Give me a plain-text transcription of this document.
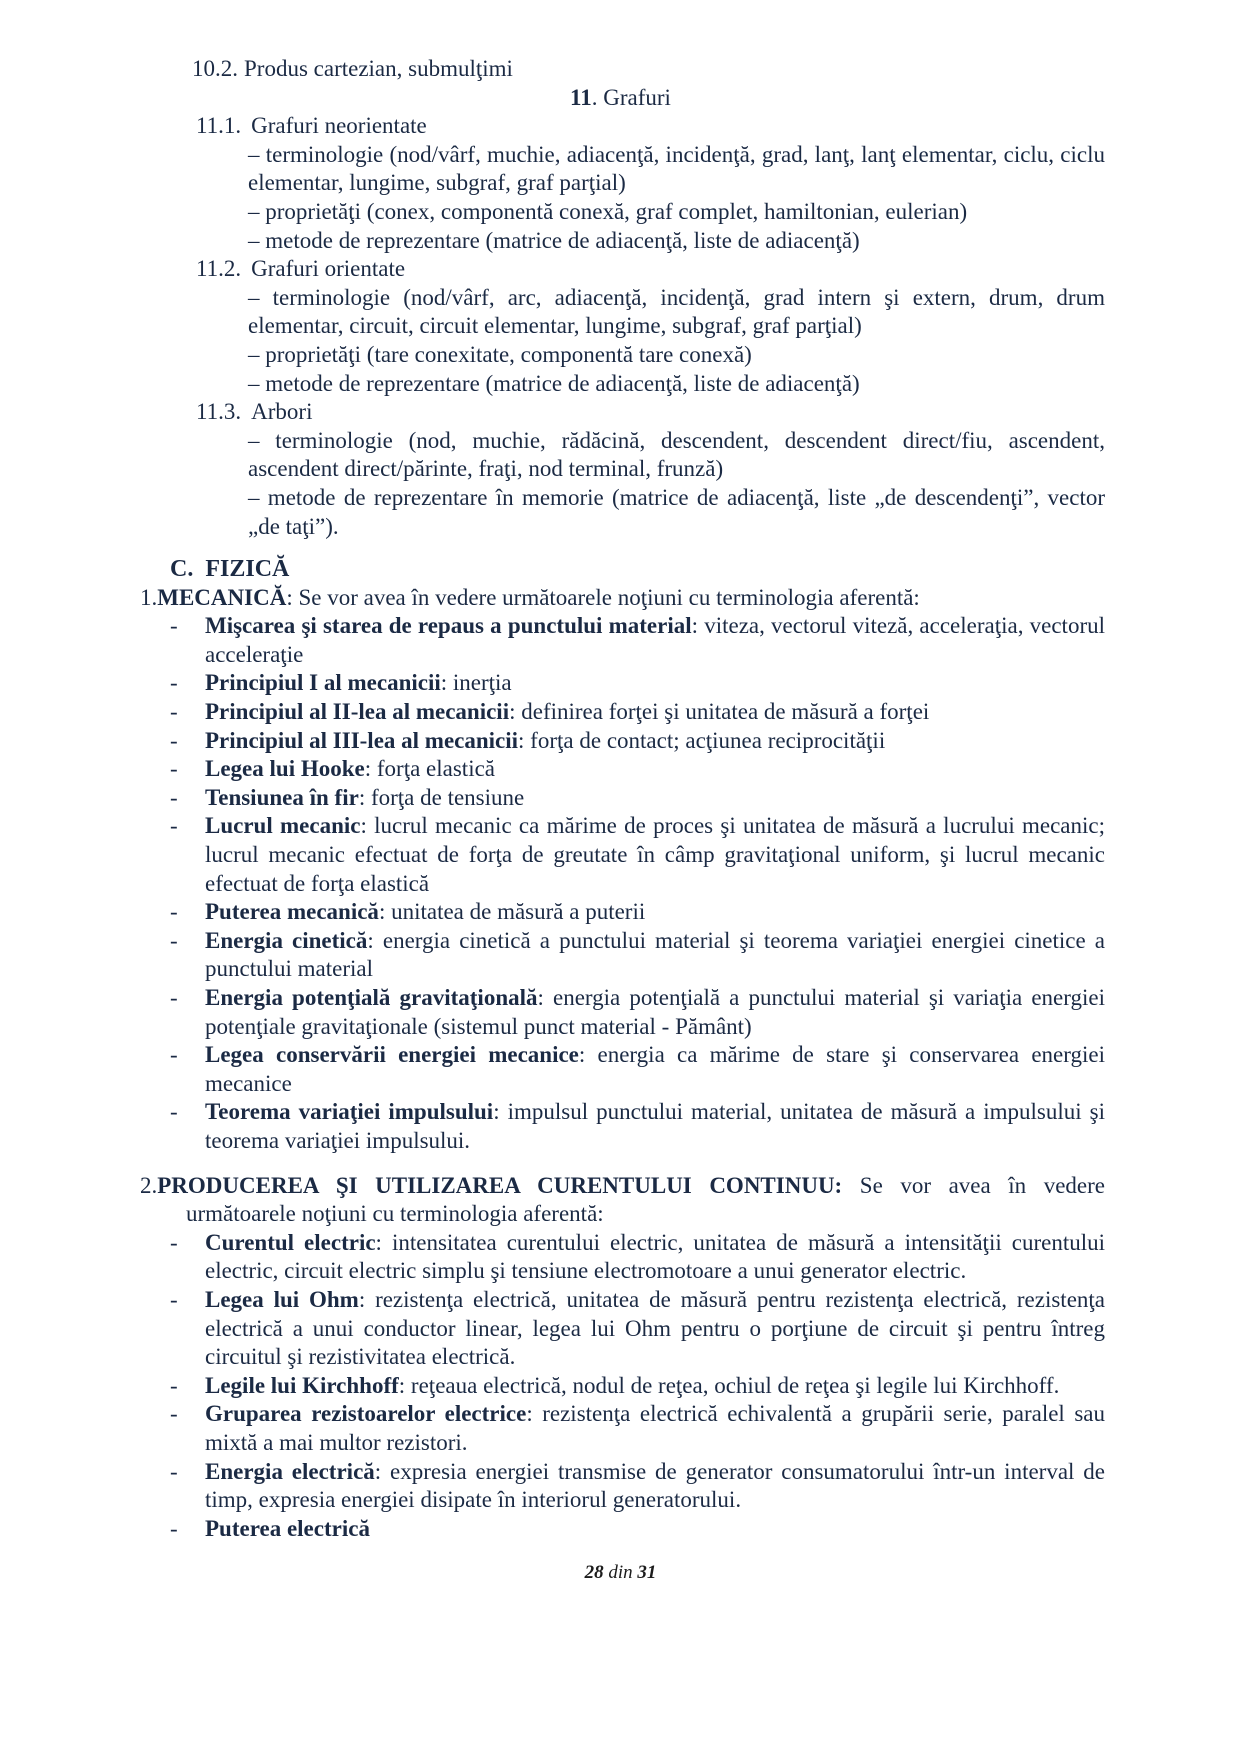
10.2. Produs cartezian, submulţimi

11. Grafuri

11.1. Grafuri neorientate

– terminologie (nod/vârf, muchie, adiacenţă, incidenţă, grad, lanţ, lanţ elementar, ciclu, ciclu elementar, lungime, subgraf, graf parţial)

– proprietăţi (conex, componentă conexă, graf complet, hamiltonian, eulerian)

– metode de reprezentare (matrice de adiacenţă, liste de adiacenţă)

11.2. Grafuri orientate

– terminologie (nod/vârf, arc, adiacenţă, incidenţă, grad intern şi extern, drum, drum elementar, circuit, circuit elementar, lungime, subgraf, graf parţial)

– proprietăţi (tare conexitate, componentă tare conexă)

– metode de reprezentare (matrice de adiacenţă, liste de adiacenţă)

11.3. Arbori

– terminologie (nod, muchie, rădăcină, descendent, descendent direct/fiu, ascendent, ascendent direct/părinte, fraţi, nod terminal, frunză)

– metode de reprezentare în memorie (matrice de adiacenţă, liste „de descendenţi”, vector „de taţi”).

C. FIZICĂ

1.MECANICĂ: Se vor avea în vedere următoarele noţiuni cu terminologia aferentă:

- Mişcarea şi starea de repaus a punctului material: viteza, vectorul viteză, acceleraţia, vectorul acceleraţie

- Principiul I al mecanicii: inerţia

- Principiul al II-lea al mecanicii: definirea forţei şi unitatea de măsură a forţei

- Principiul al III-lea al mecanicii: forţa de contact; acţiunea reciprocităţii

- Legea lui Hooke: forţa elastică

- Tensiunea în fir: forţa de tensiune

- Lucrul mecanic: lucrul mecanic ca mărime de proces şi unitatea de măsură a lucrului mecanic; lucrul mecanic efectuat de forţa de greutate în câmp gravitaţional uniform, şi lucrul mecanic efectuat de forţa elastică

- Puterea mecanică: unitatea de măsură a puterii

- Energia cinetică: energia cinetică a punctului material şi teorema variaţiei energiei cinetice a punctului material

- Energia potenţială gravitaţională: energia potenţială a punctului material şi variaţia energiei potenţiale gravitaţionale (sistemul punct material - Pământ)

- Legea conservării energiei mecanice: energia ca mărime de stare şi conservarea energiei mecanice

- Teorema variaţiei impulsului: impulsul punctului material, unitatea de măsură a impulsului şi teorema variaţiei impulsului.

2.PRODUCEREA ŞI UTILIZAREA CURENTULUI CONTINUU: Se vor avea în vedere următoarele noţiuni cu terminologia aferentă:

- Curentul electric: intensitatea curentului electric, unitatea de măsură a intensităţii curentului electric, circuit electric simplu şi tensiune electromotoare a unui generator electric.

- Legea lui Ohm: rezistenţa electrică, unitatea de măsură pentru rezistenţa electrică, rezistenţa electrică a unui conductor linear, legea lui Ohm pentru o porţiune de circuit şi pentru întreg circuitul şi rezistivitatea electrică.

- Legile lui Kirchhoff: reţeaua electrică, nodul de reţea, ochiul de reţea şi legile lui Kirchhoff.

- Gruparea rezistoarelor electrice: rezistenţa electrică echivalentă a grupării serie, paralel sau mixtă a mai multor rezistori.

- Energia electrică: expresia energiei transmise de generator consumatorului într-un interval de timp, expresia energiei disipate în interiorul generatorului.

- Puterea electrică

28 din 31
